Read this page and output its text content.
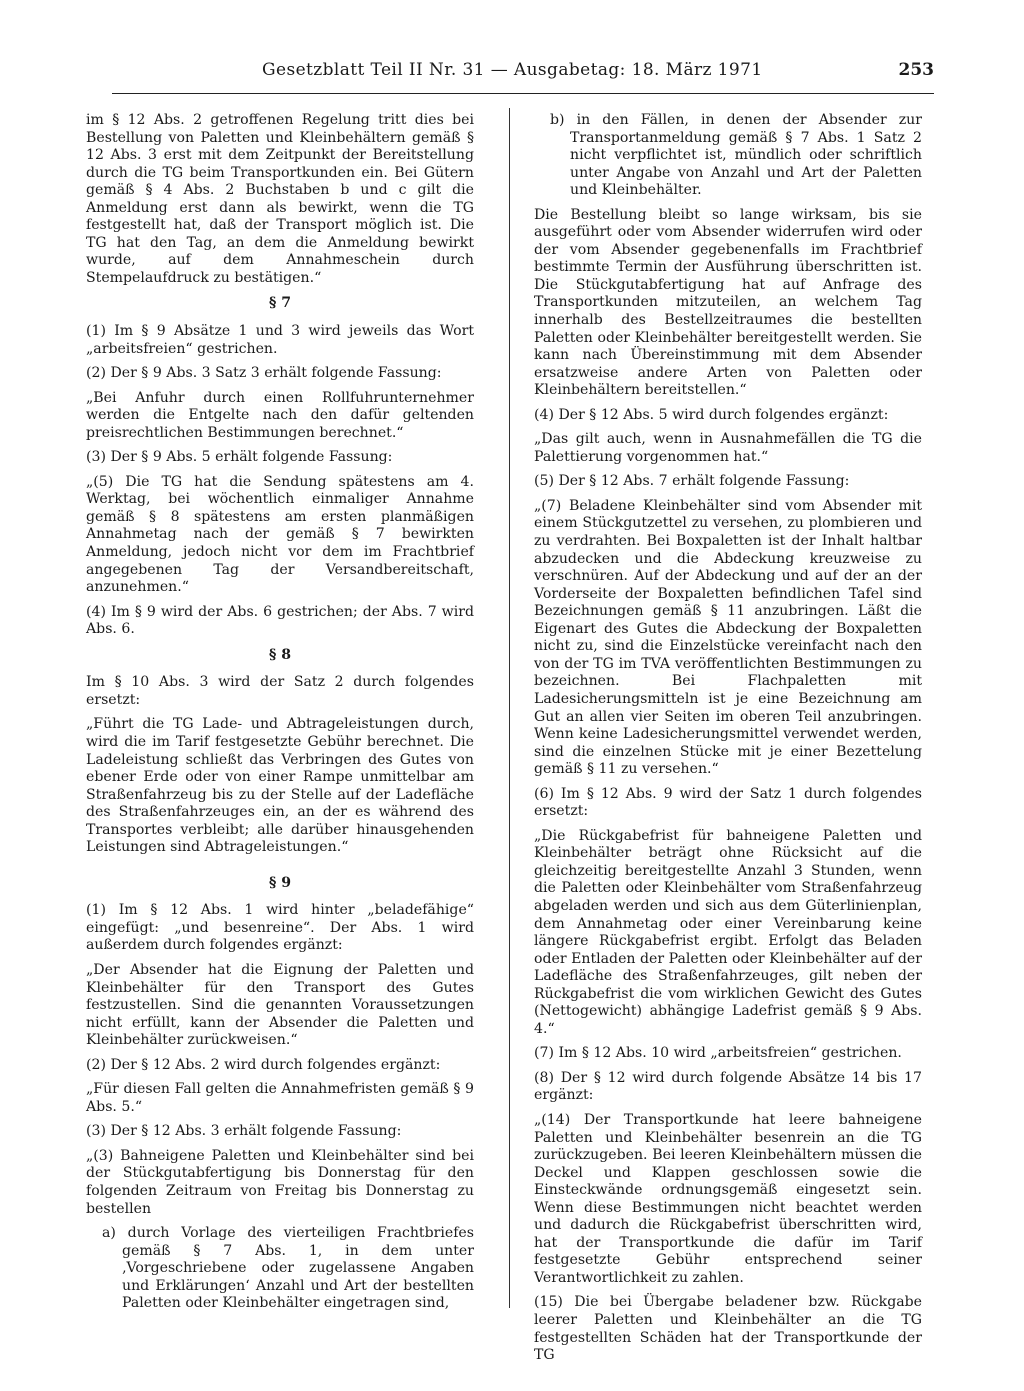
Gesetzblatt Teil II Nr. 31 — Ausgabetag: 18. März 1971	253

im § 12 Abs. 2 getroffenen Regelung tritt dies bei Bestellung von Paletten und Kleinbehältern gemäß § 12 Abs. 3 erst mit dem Zeitpunkt der Bereitstellung durch die TG beim Transportkunden ein. Bei Gütern gemäß § 4 Abs. 2 Buchstaben b und c gilt die Anmeldung erst dann als bewirkt, wenn die TG festgestellt hat, daß der Transport möglich ist. Die TG hat den Tag, an dem die Anmeldung bewirkt wurde, auf dem Annahmeschein durch Stempelaufdruck zu bestätigen.“

§ 7

(1) Im § 9 Absätze 1 und 3 wird jeweils das Wort „arbeitsfreien“ gestrichen.

(2) Der § 9 Abs. 3 Satz 3 erhält folgende Fassung:

„Bei Anfuhr durch einen Rollfuhrunternehmer werden die Entgelte nach den dafür geltenden preisrechtlichen Bestimmungen berechnet.“

(3) Der § 9 Abs. 5 erhält folgende Fassung:

„(5) Die TG hat die Sendung spätestens am 4. Werktag, bei wöchentlich einmaliger Annahme gemäß § 8 spätestens am ersten planmäßigen Annahmetag nach der gemäß § 7 bewirkten Anmeldung, jedoch nicht vor dem im Frachtbrief angegebenen Tag der Versandbereitschaft, anzunehmen.“

(4) Im § 9 wird der Abs. 6 gestrichen; der Abs. 7 wird Abs. 6.

§ 8

Im § 10 Abs. 3 wird der Satz 2 durch folgendes ersetzt:

„Führt die TG Lade- und Abtrageleistungen durch, wird die im Tarif festgesetzte Gebühr berechnet. Die Ladeleistung schließt das Verbringen des Gutes von ebener Erde oder von einer Rampe unmittelbar am Straßenfahrzeug bis zu der Stelle auf der Ladefläche des Straßenfahrzeuges ein, an der es während des Transportes verbleibt; alle darüber hinausgehenden Leistungen sind Abtrageleistungen.“

§ 9

(1) Im § 12 Abs. 1 wird hinter „beladefähige“ eingefügt: „und besenreine“. Der Abs. 1 wird außerdem durch folgendes ergänzt:

„Der Absender hat die Eignung der Paletten und Kleinbehälter für den Transport des Gutes festzustellen. Sind die genannten Voraussetzungen nicht erfüllt, kann der Absender die Paletten und Kleinbehälter zurückweisen.“

(2) Der § 12 Abs. 2 wird durch folgendes ergänzt:

„Für diesen Fall gelten die Annahmefristen gemäß § 9 Abs. 5.“

(3) Der § 12 Abs. 3 erhält folgende Fassung:

„(3) Bahneigene Paletten und Kleinbehälter sind bei der Stückgutabfertigung bis Donnerstag für den folgenden Zeitraum von Freitag bis Donnerstag zu bestellen

a) durch Vorlage des vierteiligen Frachtbriefes gemäß § 7 Abs. 1, in dem unter ‚Vorgeschriebene oder zugelassene Angaben und Erklärungen‘ Anzahl und Art der bestellten Paletten oder Kleinbehälter eingetragen sind,

b) in den Fällen, in denen der Absender zur Transportanmeldung gemäß § 7 Abs. 1 Satz 2 nicht verpflichtet ist, mündlich oder schriftlich unter Angabe von Anzahl und Art der Paletten und Kleinbehälter.

Die Bestellung bleibt so lange wirksam, bis sie ausgeführt oder vom Absender widerrufen wird oder der vom Absender gegebenenfalls im Frachtbrief bestimmte Termin der Ausführung überschritten ist. Die Stückgutabfertigung hat auf Anfrage des Transportkunden mitzuteilen, an welchem Tag innerhalb des Bestellzeitraumes die bestellten Paletten oder Kleinbehälter bereitgestellt werden. Sie kann nach Übereinstimmung mit dem Absender ersatzweise andere Arten von Paletten oder Kleinbehältern bereitstellen.“

(4) Der § 12 Abs. 5 wird durch folgendes ergänzt:

„Das gilt auch, wenn in Ausnahmefällen die TG die Palettierung vorgenommen hat.“

(5) Der § 12 Abs. 7 erhält folgende Fassung:

„(7) Beladene Kleinbehälter sind vom Absender mit einem Stückgutzettel zu versehen, zu plombieren und zu verdrahten. Bei Boxpaletten ist der Inhalt haltbar abzudecken und die Abdeckung kreuzweise zu verschnüren. Auf der Abdeckung und auf der an der Vorderseite der Boxpaletten befindlichen Tafel sind Bezeichnungen gemäß § 11 anzubringen. Läßt die Eigenart des Gutes die Abdeckung der Boxpaletten nicht zu, sind die Einzelstücke vereinfacht nach den von der TG im TVA veröffentlichten Bestimmungen zu bezeichnen. Bei Flachpaletten mit Ladesicherungsmitteln ist je eine Bezeichnung am Gut an allen vier Seiten im oberen Teil anzubringen. Wenn keine Ladesicherungsmittel verwendet werden, sind die einzelnen Stücke mit je einer Bezettelung gemäß § 11 zu versehen.“

(6) Im § 12 Abs. 9 wird der Satz 1 durch folgendes ersetzt:

„Die Rückgabefrist für bahneigene Paletten und Kleinbehälter beträgt ohne Rücksicht auf die gleichzeitig bereitgestellte Anzahl 3 Stunden, wenn die Paletten oder Kleinbehälter vom Straßenfahrzeug abgeladen werden und sich aus dem Güterlinienplan, dem Annahmetag oder einer Vereinbarung keine längere Rückgabefrist ergibt. Erfolgt das Beladen oder Entladen der Paletten oder Kleinbehälter auf der Ladefläche des Straßenfahrzeuges, gilt neben der Rückgabefrist die vom wirklichen Gewicht des Gutes (Nettogewicht) abhängige Ladefrist gemäß § 9 Abs. 4.“

(7) Im § 12 Abs. 10 wird „arbeitsfreien“ gestrichen.

(8) Der § 12 wird durch folgende Absätze 14 bis 17 ergänzt:

„(14) Der Transportkunde hat leere bahneigene Paletten und Kleinbehälter besenrein an die TG zurückzugeben. Bei leeren Kleinbehältern müssen die Deckel und Klappen geschlossen sowie die Einsteckwände ordnungsgemäß eingesetzt sein. Wenn diese Bestimmungen nicht beachtet werden und dadurch die Rückgabefrist überschritten wird, hat der Transportkunde die dafür im Tarif festgesetzte Gebühr entsprechend seiner Verantwortlichkeit zu zahlen.

(15) Die bei Übergabe beladener bzw. Rückgabe leerer Paletten und Kleinbehälter an die TG festgestellten Schäden hat der Transportkunde der TG
